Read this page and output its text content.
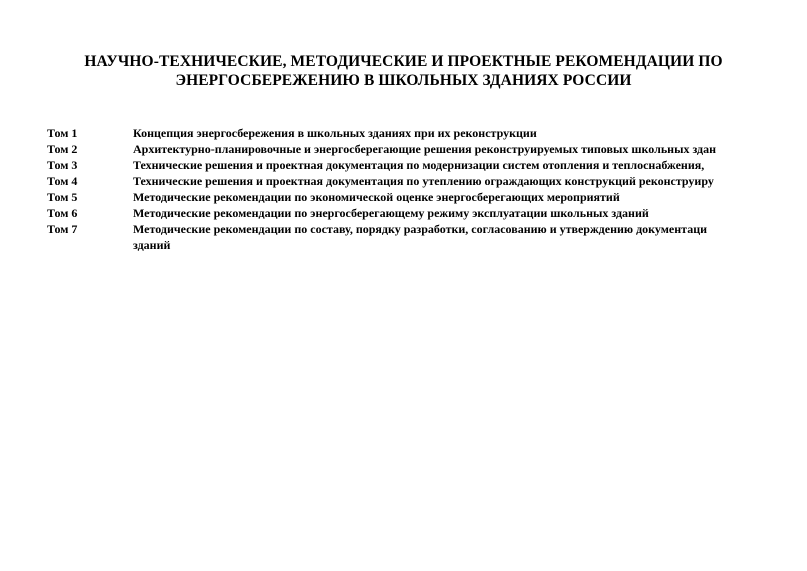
НАУЧНО-ТЕХНИЧЕСКИЕ, МЕТОДИЧЕСКИЕ И ПРОЕКТНЫЕ РЕКОМЕНДАЦИИ ПО
ЭНЕРГОСБЕРЕЖЕНИЮ В ШКОЛЬНЫХ ЗДАНИЯХ РОССИИ
Том 1	Концепция энергосбережения в школьных зданиях при их реконструкции
Том 2	Архитектурно-планировочные и энергосберегающие решения реконструируемых типовых школьных здан
Том 3	Технические решения и проектная документация по модернизации систем отопления и теплоснабжения,
Том 4	Технические решения и проектная документация по утеплению ограждающих конструкций реконструиру
Том 5	Методические рекомендации по экономической оценке энергосберегающих мероприятий
Том 6	Методические рекомендации по энергосберегающему режиму эксплуатации школьных зданий
Том 7	Методические рекомендации по составу, порядку разработки, согласованию и утверждению документаци
зданий
